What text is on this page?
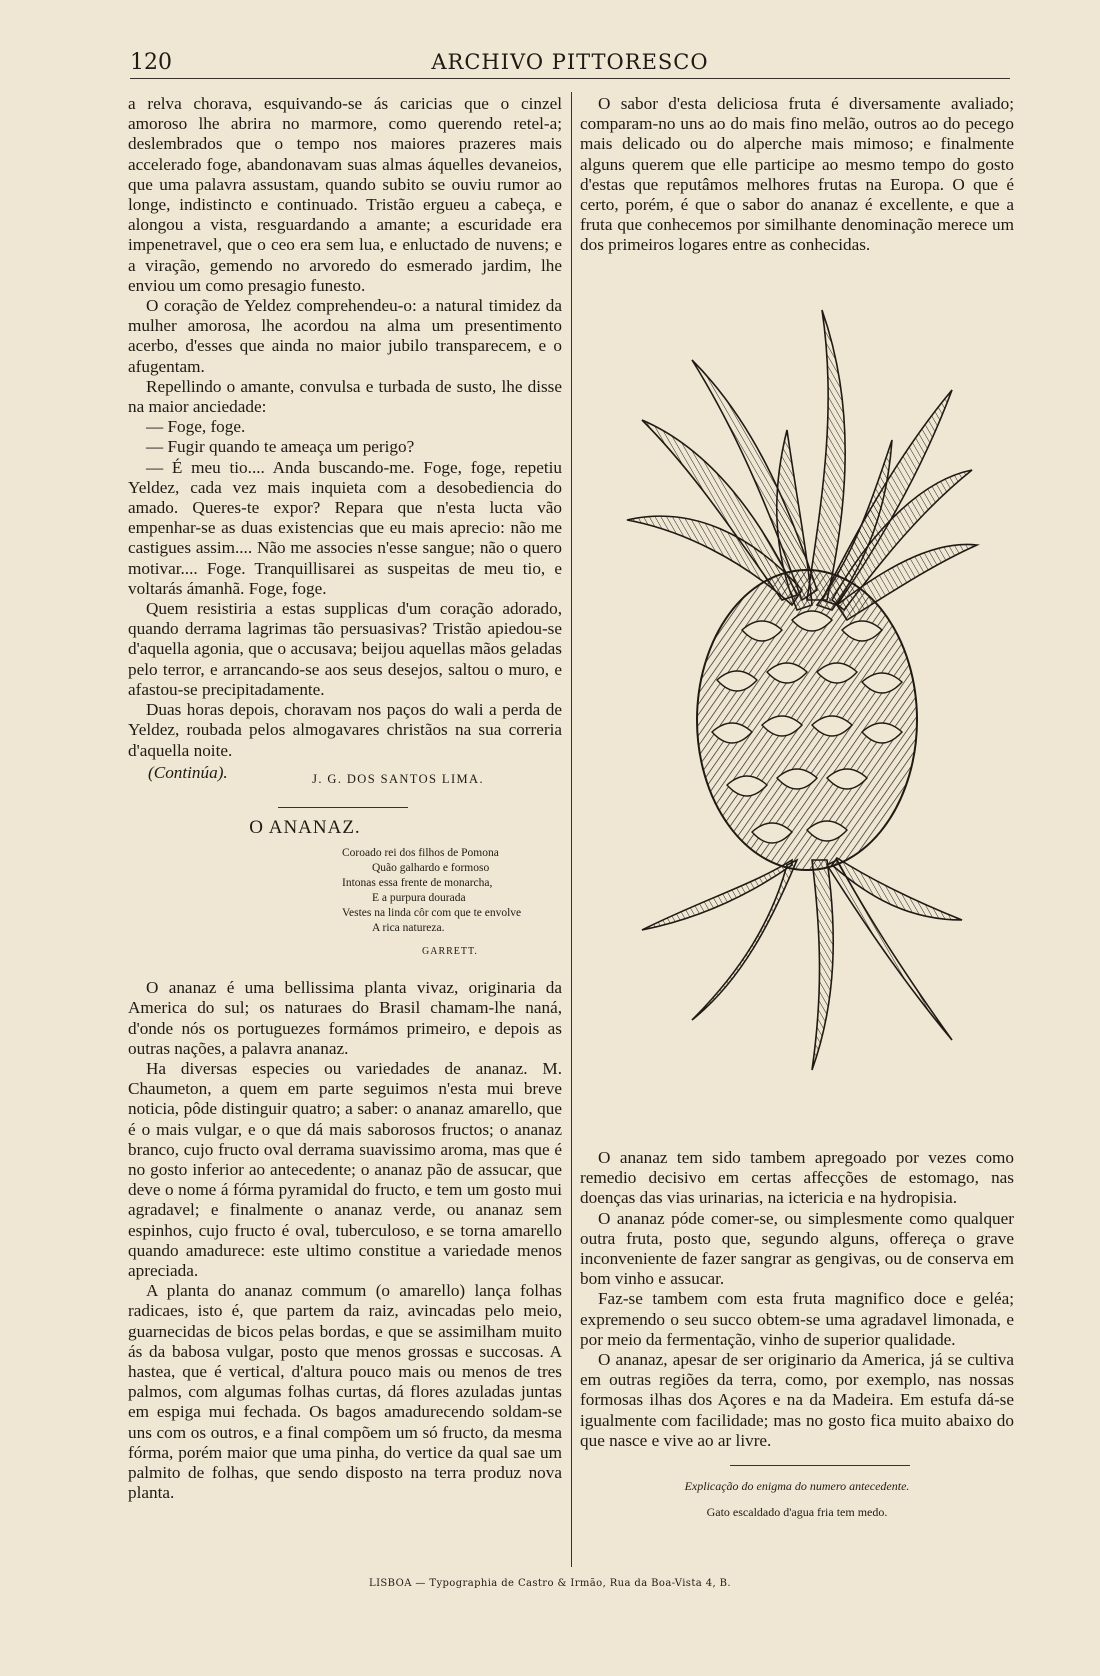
120	ARCHIVO PITTORESCO

a relva chorava, esquivando-se ás caricias que o cinzel amoroso lhe abrira no marmore, como querendo retel-a; deslembrados que o tempo nos maiores prazeres mais accelerado foge, abandonavam suas almas áquelles devaneios, que uma palavra assustam, quando subito se ouviu rumor ao longe, indistincto e continuado. Tristão ergueu a cabeça, e alongou a vista, resguardando a amante; a escuridade era impenetravel, que o ceo era sem lua, e enluctado de nuvens; e a viração, gemendo no arvoredo do esmerado jardim, lhe enviou um como presagio funesto.

O coração de Yeldez comprehendeu-o: a natural timidez da mulher amorosa, lhe acordou na alma um presentimento acerbo, d'esses que ainda no maior jubilo transparecem, e o afugentam.

Repellindo o amante, convulsa e turbada de susto, lhe disse na maior anciedade:

— Foge, foge.

— Fugir quando te ameaça um perigo?

— É meu tio.... Anda buscando-me. Foge, foge, repetiu Yeldez, cada vez mais inquieta com a desobediencia do amado. Queres-te expor? Repara que n'esta lucta vão empenhar-se as duas existencias que eu mais aprecio: não me castigues assim.... Não me associes n'esse sangue; não o quero motivar.... Foge. Tranquillisarei as suspeitas de meu tio, e voltarás ámanhã. Foge, foge.

Quem resistiria a estas supplicas d'um coração adorado, quando derrama lagrimas tão persuasivas? Tristão apiedou-se d'aquella agonia, que o accusava; beijou aquellas mãos geladas pelo terror, e arrancando-se aos seus desejos, saltou o muro, e afastou-se precipitadamente.

Duas horas depois, choravam nos paços do wali a perda de Yeldez, roubada pelos almogavares christãos na sua correria d'aquella noite.

(Continúa).	J. G. DOS SANTOS LIMA.
O ANANAZ.
Coroado rei dos filhos de Pomona
Quão galhardo e formoso
Intonas essa frente de monarcha,
E a purpura dourada
Vestes na linda côr com que te envolve
A rica natureza.
GARRETT.

O ananaz é uma bellissima planta vivaz, originaria da America do sul; os naturaes do Brasil chamam-lhe naná, d'onde nós os portuguezes formámos primeiro, e depois as outras nações, a palavra ananaz.

Ha diversas especies ou variedades de ananaz. M. Chaumeton, a quem em parte seguimos n'esta mui breve noticia, pôde distinguir quatro; a saber: o ananaz amarello, que é o mais vulgar, e o que dá mais saborosos fructos; o ananaz branco, cujo fructo oval derrama suavissimo aroma, mas que é no gosto inferior ao antecedente; o ananaz pão de assucar, que deve o nome á fórma pyramidal do fructo, e tem um gosto mui agradavel; e finalmente o ananaz verde, ou ananaz sem espinhos, cujo fructo é oval, tuberculoso, e se torna amarello quando amadurece: este ultimo constitue a variedade menos apreciada.

A planta do ananaz commum (o amarello) lança folhas radicaes, isto é, que partem da raiz, avincadas pelo meio, guarnecidas de bicos pelas bordas, e que se assimilham muito ás da babosa vulgar, posto que menos grossas e succosas. A hastea, que é vertical, d'altura pouco mais ou menos de tres palmos, com algumas folhas curtas, dá flores azuladas juntas em espiga mui fechada. Os bagos amadurecendo soldam-se uns com os outros, e a final compõem um só fructo, da mesma fórma, porém maior que uma pinha, do vertice da qual sae um palmito de folhas, que sendo disposto na terra produz nova planta.

O sabor d'esta deliciosa fruta é diversamente avaliado; comparam-no uns ao do mais fino melão, outros ao do pecego mais delicado ou do alperche mais mimoso; e finalmente alguns querem que elle participe ao mesmo tempo do gosto d'estas que reputâmos melhores frutas na Europa. O que é certo, porém, é que o sabor do ananaz é excellente, e que a fruta que conhecemos por similhante denominação merece um dos primeiros logares entre as conhecidas.

O ananaz tem sido tambem apregoado por vezes como remedio decisivo em certas affecções de estomago, nas doenças das vias urinarias, na ictericia e na hydropisia.

O ananaz póde comer-se, ou simplesmente como qualquer outra fruta, posto que, segundo alguns, offereça o grave inconveniente de fazer sangrar as gengivas, ou de conserva em bom vinho e assucar.

Faz-se tambem com esta fruta magnifico doce e geléa; expremendo o seu succo obtem-se uma agradavel limonada, e por meio da fermentação, vinho de superior qualidade.

O ananaz, apesar de ser originario da America, já se cultiva em outras regiões da terra, como, por exemplo, nas nossas formosas ilhas dos Açores e na da Madeira. Em estufa dá-se igualmente com facilidade; mas no gosto fica muito abaixo do que nasce e vive ao ar livre.

Explicação do enigma do numero antecedente.
Gato escaldado d'agua fria tem medo.
LISBOA — Typographia de Castro & Irmão, Rua da Boa-Vista 4, B.
